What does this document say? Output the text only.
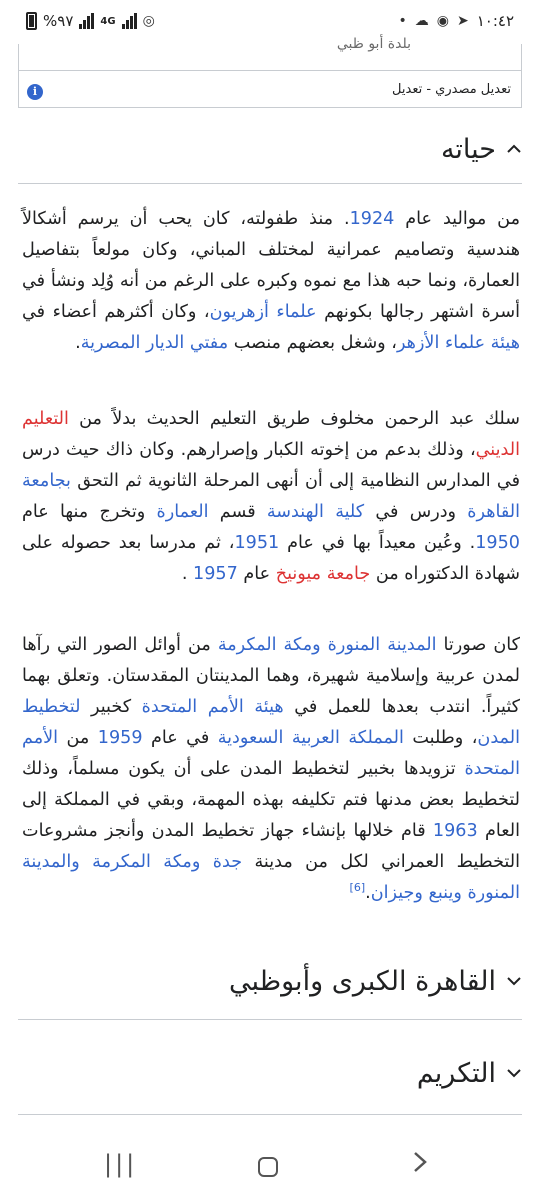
%٩٧	4G ◎	• ☁ ◉ ➤ ١٠:٤٢
بلدة أبو ظبي
تعديل مصدري - تعديل
i
حياته

من مواليد عام 1924. منذ طفولته، كان يحب أن يرسم أشكالاً هندسية وتصاميم عمرانية لمختلف المباني، وكان مولعاً بتفاصيل العمارة، ونما حبه هذا مع نموه وكبره على الرغم من أنه وُلِد ونشأ في أسرة اشتهر رجالها بكونهم علماء أزهريون، وكان أكثرهم أعضاء في هيئة علماء الأزهر، وشغل بعضهم منصب مفتي الديار المصرية.

سلك عبد الرحمن مخلوف طريق التعليم الحديث بدلاً من التعليم الديني، وذلك بدعم من إخوته الكبار وإصرارهم. وكان ذاك حيث درس في المدارس النظامية إلى أن أنهى المرحلة الثانوية ثم التحق بجامعة القاهرة ودرس في كلية الهندسة قسم العمارة وتخرج منها عام 1950. وعُين معيداً بها في عام 1951، ثم مدرسا بعد حصوله على شهادة الدكتوراه من جامعة ميونيخ عام 1957 .

كان صورتا المدينة المنورة ومكة المكرمة من أوائل الصور التي رآها لمدن عربية وإسلامية شهيرة، وهما المدينتان المقدستان. وتعلق بهما كثيراً. انتدب بعدها للعمل في هيئة الأمم المتحدة كخبير لتخطيط المدن، وطلبت المملكة العربية السعودية في عام 1959 من الأمم المتحدة تزويدها بخبير لتخطيط المدن على أن يكون مسلماً، وذلك لتخطيط بعض مدنها فتم تكليفه بهذه المهمة، وبقي في المملكة إلى العام 1963 قام خلالها بإنشاء جهاز تخطيط المدن وأنجز مشروعات التخطيط العمراني لكل من مدينة جدة ومكة المكرمة والمدينة المنورة وينبع وجيزان.[6]

القاهرة الكبرى وأبوظبي
التكريم
|||
